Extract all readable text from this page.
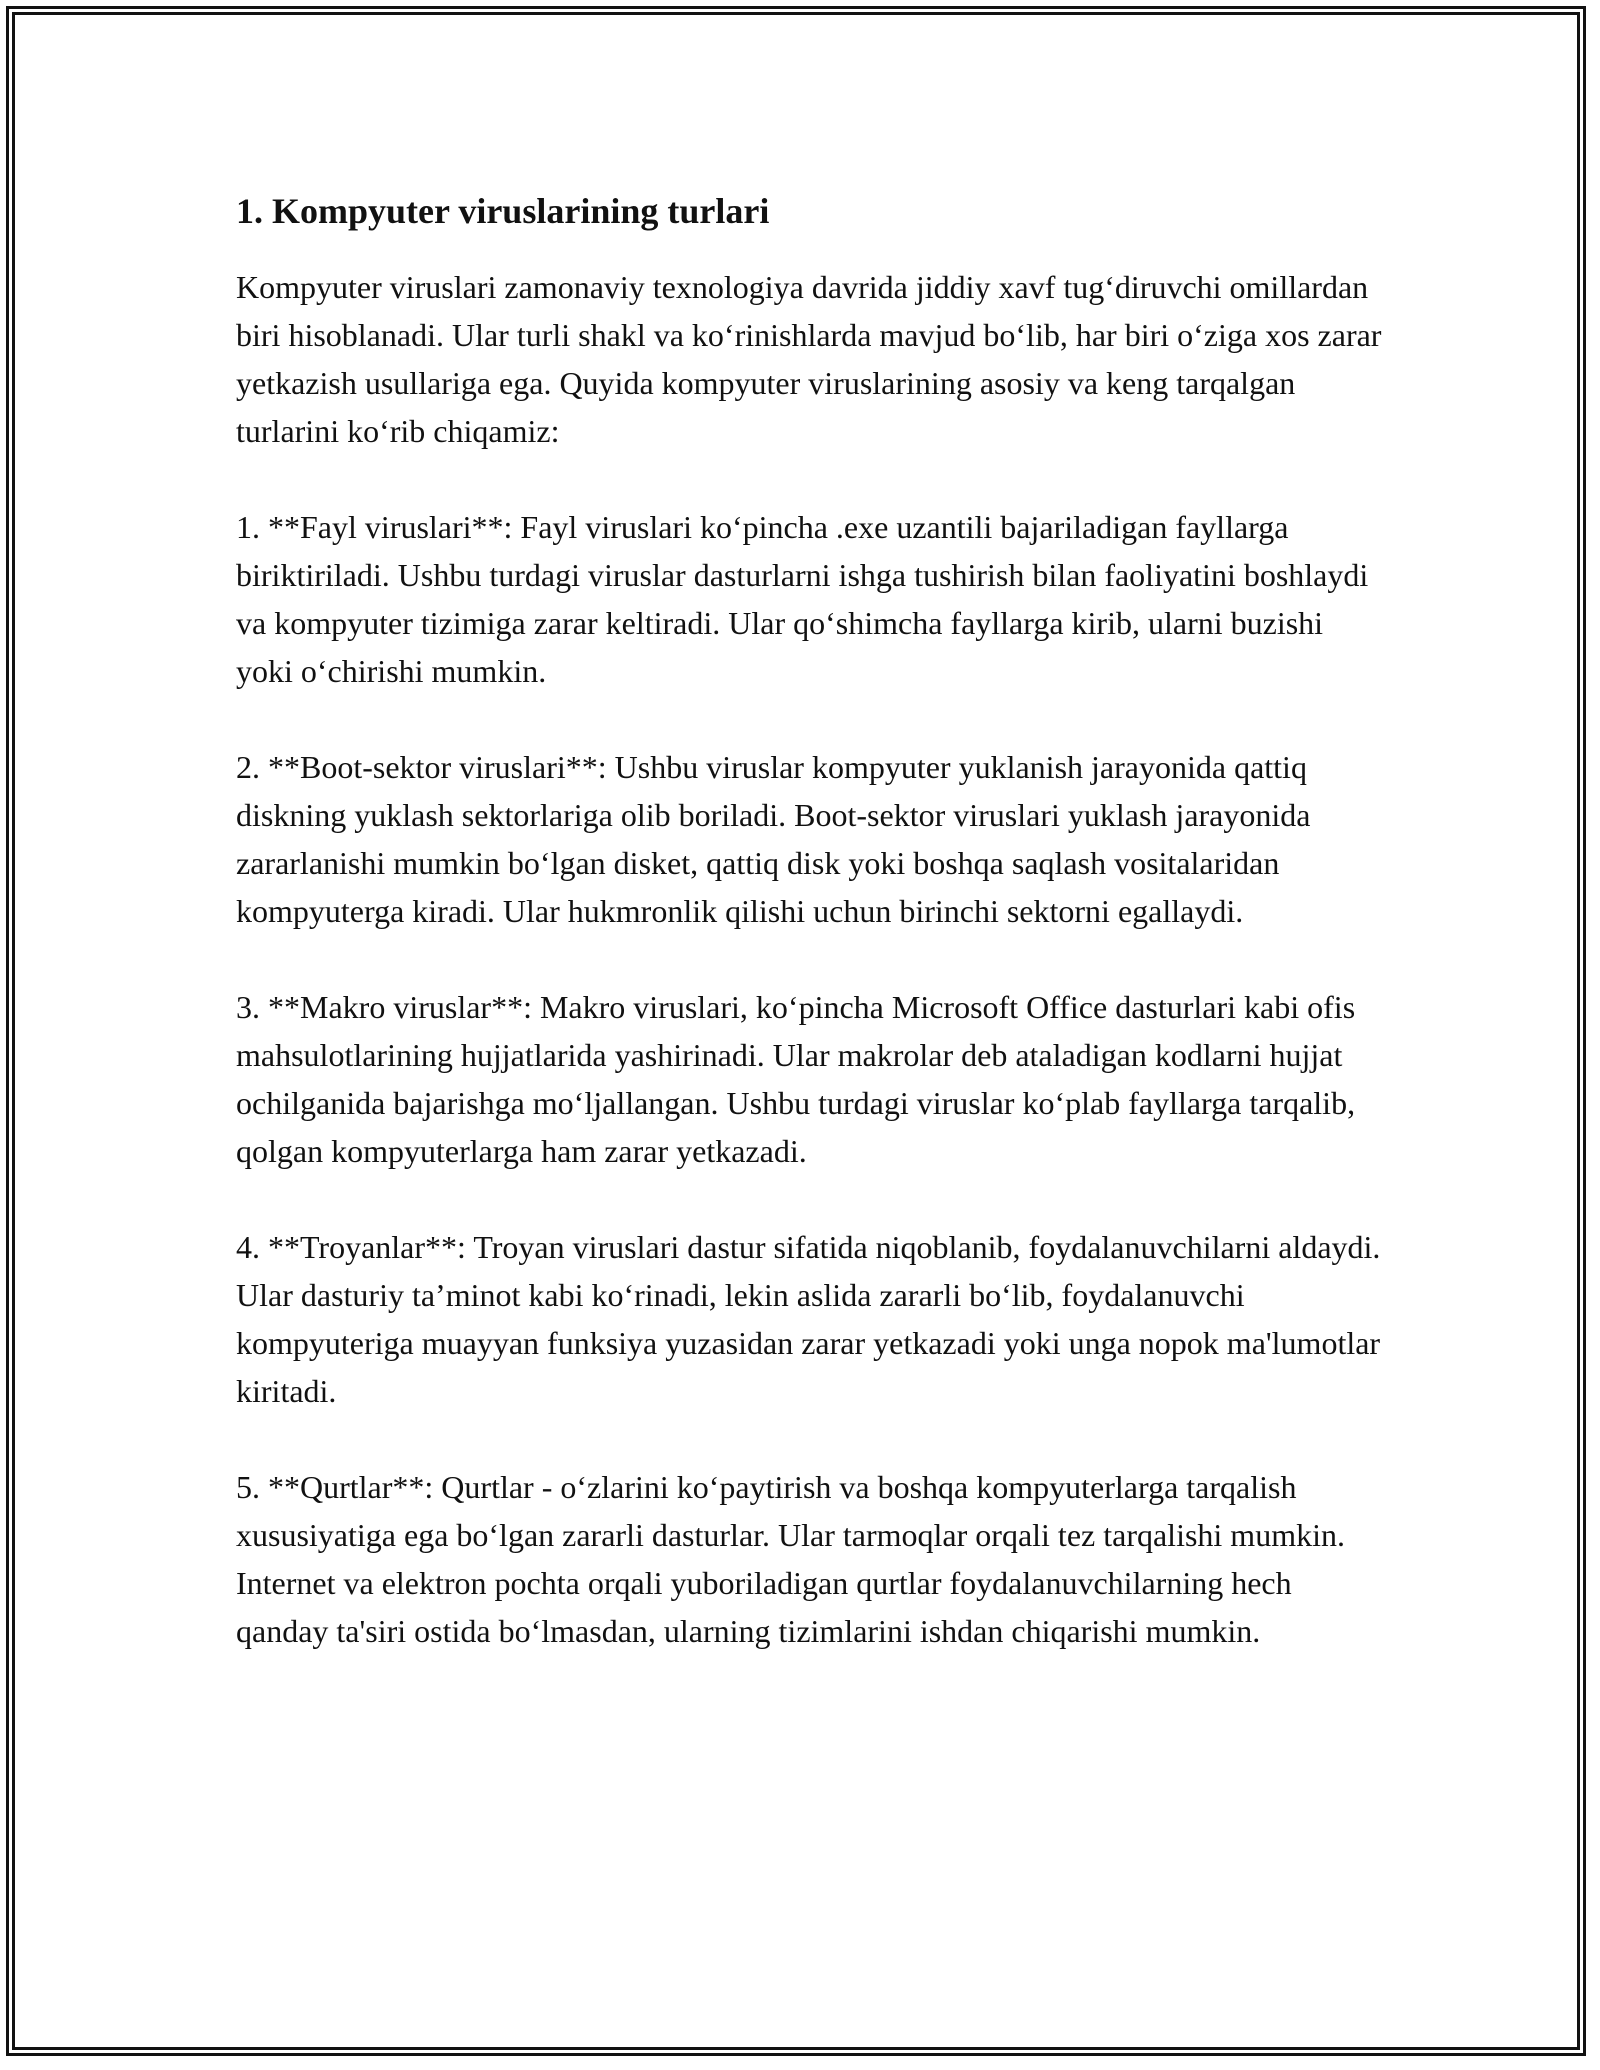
1. Kompyuter viruslarining turlari

Kompyuter viruslari zamonaviy texnologiya davrida jiddiy xavf tug‘diruvchi omillardan biri hisoblanadi. Ular turli shakl va ko‘rinishlarda mavjud bo‘lib, har biri o‘ziga xos zarar yetkazish usullariga ega. Quyida kompyuter viruslarining asosiy va keng tarqalgan turlarini ko‘rib chiqamiz:

1. **Fayl viruslari**: Fayl viruslari ko‘pincha .exe uzantili bajariladigan fayllarga biriktiriladi. Ushbu turdagi viruslar dasturlarni ishga tushirish bilan faoliyatini boshlaydi va kompyuter tizimiga zarar keltiradi. Ular qo‘shimcha fayllarga kirib, ularni buzishi yoki o‘chirishi mumkin.

2. **Boot-sektor viruslari**: Ushbu viruslar kompyuter yuklanish jarayonida qattiq diskning yuklash sektorlariga olib boriladi. Boot-sektor viruslari yuklash jarayonida zararlanishi mumkin bo‘lgan disket, qattiq disk yoki boshqa saqlash vositalaridan kompyuterga kiradi. Ular hukmronlik qilishi uchun birinchi sektorni egallaydi.

3. **Makro viruslar**: Makro viruslari, ko‘pincha Microsoft Office dasturlari kabi ofis mahsulotlarining hujjatlarida yashirinadi. Ular makrolar deb ataladigan kodlarni hujjat ochilganida bajarishga mo‘ljallangan. Ushbu turdagi viruslar ko‘plab fayllarga tarqalib, qolgan kompyuterlarga ham zarar yetkazadi.

4. **Troyanlar**: Troyan viruslari dastur sifatida niqoblanib, foydalanuvchilarni aldaydi. Ular dasturiy ta’minot kabi ko‘rinadi, lekin aslida zararli bo‘lib, foydalanuvchi kompyuteriga muayyan funksiya yuzasidan zarar yetkazadi yoki unga nopok ma'lumotlar kiritadi.

5. **Qurtlar**: Qurtlar - o‘zlarini ko‘paytirish va boshqa kompyuterlarga tarqalish xususiyatiga ega bo‘lgan zararli dasturlar. Ular tarmoqlar orqali tez tarqalishi mumkin. Internet va elektron pochta orqali yuboriladigan qurtlar foydalanuvchilarning hech qanday ta'siri ostida bo‘lmasdan, ularning tizimlarini ishdan chiqarishi mumkin.
